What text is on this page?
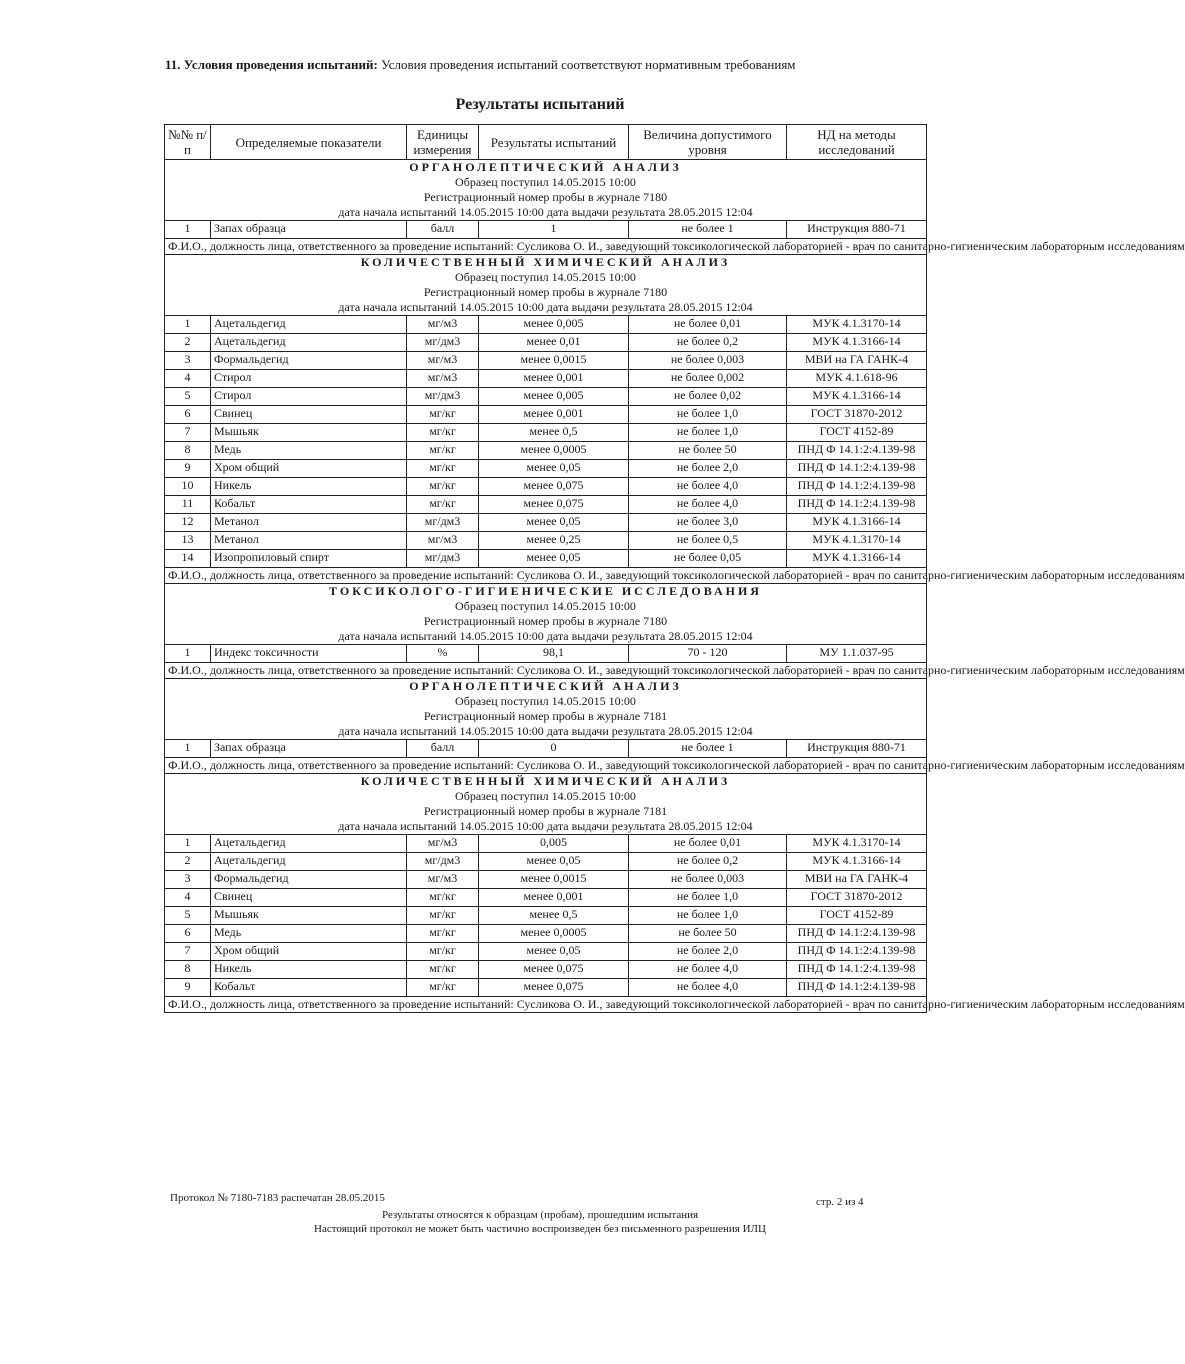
11. Условия проведения испытаний: Условия проведения испытаний соответствуют нормативным требованиям
Результаты испытаний
№№ п/п	Определяемые показатели	Единицы измерения	Результаты испытаний	Величина допустимого уровня	НД на методы исследований

ОРГАНОЛЕПТИЧЕСКИЙ АНАЛИЗ
Образец поступил 14.05.2015 10:00
Регистрационный номер пробы в журнале 7180
дата начала испытаний 14.05.2015 10:00 дата выдачи результата 28.05.2015 12:04					

1	Запах образца	балл	1	не более 1	Инструкция 880-71
Ф.И.О., должность лица, ответственного за проведение испытаний: Сусликова О. И., заведующий токсикологической лабораторией - врач по санитарно-гигиеническим лабораторным исследованиям					

КОЛИЧЕСТВЕННЫЙ ХИМИЧЕСКИЙ АНАЛИЗ
Образец поступил 14.05.2015 10:00
Регистрационный номер пробы в журнале 7180
дата начала испытаний 14.05.2015 10:00 дата выдачи результата 28.05.2015 12:04					

1	Ацетальдегид	мг/м3	менее 0,005	не более 0,01	МУК 4.1.3170-14
2	Ацетальдегид	мг/дм3	менее 0,01	не более 0,2	МУК 4.1.3166-14
3	Формальдегид	мг/м3	менее 0,0015	не более 0,003	МВИ на ГА ГАНК-4
4	Стирол	мг/м3	менее 0,001	не более 0,002	МУК 4.1.618-96
5	Стирол	мг/дм3	менее 0,005	не более 0,02	МУК 4.1.3166-14
6	Свинец	мг/кг	менее 0,001	не более 1,0	ГОСТ 31870-2012
7	Мышьяк	мг/кг	менее 0,5	не более 1,0	ГОСТ 4152-89
8	Медь	мг/кг	менее 0,0005	не более 50	ПНД Ф 14.1:2:4.139-98
9	Хром общий	мг/кг	менее 0,05	не более 2,0	ПНД Ф 14.1:2:4.139-98
10	Никель	мг/кг	менее 0,075	не более 4,0	ПНД Ф 14.1:2:4.139-98
11	Кобальт	мг/кг	менее 0,075	не более 4,0	ПНД Ф 14.1:2:4.139-98
12	Метанол	мг/дм3	менее 0,05	не более 3,0	МУК 4.1.3166-14
13	Метанол	мг/м3	менее 0,25	не более 0,5	МУК 4.1.3170-14
14	Изопропиловый спирт	мг/дм3	менее 0,05	не более 0,05	МУК 4.1.3166-14
Ф.И.О., должность лица, ответственного за проведение испытаний: Сусликова О. И., заведующий токсикологической лабораторией - врач по санитарно-гигиеническим лабораторным исследованиям					

ТОКСИКОЛОГО-ГИГИЕНИЧЕСКИЕ ИССЛЕДОВАНИЯ
Образец поступил 14.05.2015 10:00
Регистрационный номер пробы в журнале 7180
дата начала испытаний 14.05.2015 10:00 дата выдачи результата 28.05.2015 12:04					

1	Индекс токсичности	%	98,1	70 - 120	МУ 1.1.037-95
Ф.И.О., должность лица, ответственного за проведение испытаний: Сусликова О. И., заведующий токсикологической лабораторией - врач по санитарно-гигиеническим лабораторным исследованиям					

ОРГАНОЛЕПТИЧЕСКИЙ АНАЛИЗ
Образец поступил 14.05.2015 10:00
Регистрационный номер пробы в журнале 7181
дата начала испытаний 14.05.2015 10:00 дата выдачи результата 28.05.2015 12:04					

1	Запах образца	балл	0	не более 1	Инструкция 880-71
Ф.И.О., должность лица, ответственного за проведение испытаний: Сусликова О. И., заведующий токсикологической лабораторией - врач по санитарно-гигиеническим лабораторным исследованиям					

КОЛИЧЕСТВЕННЫЙ ХИМИЧЕСКИЙ АНАЛИЗ
Образец поступил 14.05.2015 10:00
Регистрационный номер пробы в журнале 7181
дата начала испытаний 14.05.2015 10:00 дата выдачи результата 28.05.2015 12:04					

1	Ацетальдегид	мг/м3	0,005	не более 0,01	МУК 4.1.3170-14
2	Ацетальдегид	мг/дм3	менее 0,05	не более 0,2	МУК 4.1.3166-14
3	Формальдегид	мг/м3	менее 0,0015	не более 0,003	МВИ на ГА ГАНК-4
4	Свинец	мг/кг	менее 0,001	не более 1,0	ГОСТ 31870-2012
5	Мышьяк	мг/кг	менее 0,5	не более 1,0	ГОСТ 4152-89
6	Медь	мг/кг	менее 0,0005	не более 50	ПНД Ф 14.1:2:4.139-98
7	Хром общий	мг/кг	менее 0,05	не более 2,0	ПНД Ф 14.1:2:4.139-98
8	Никель	мг/кг	менее 0,075	не более 4,0	ПНД Ф 14.1:2:4.139-98
9	Кобальт	мг/кг	менее 0,075	не более 4,0	ПНД Ф 14.1:2:4.139-98
Ф.И.О., должность лица, ответственного за проведение испытаний: Сусликова О. И., заведующий токсикологической лабораторией - врач по санитарно-гигиеническим лабораторным исследованиям					
Протокол № 7180-7183 распечатан 28.05.2015	стр. 2 из 4
Результаты относятся к образцам (пробам), прошедшим испытания
Настоящий протокол не может быть частично воспроизведен без письменного разрешения ИЛЦ
